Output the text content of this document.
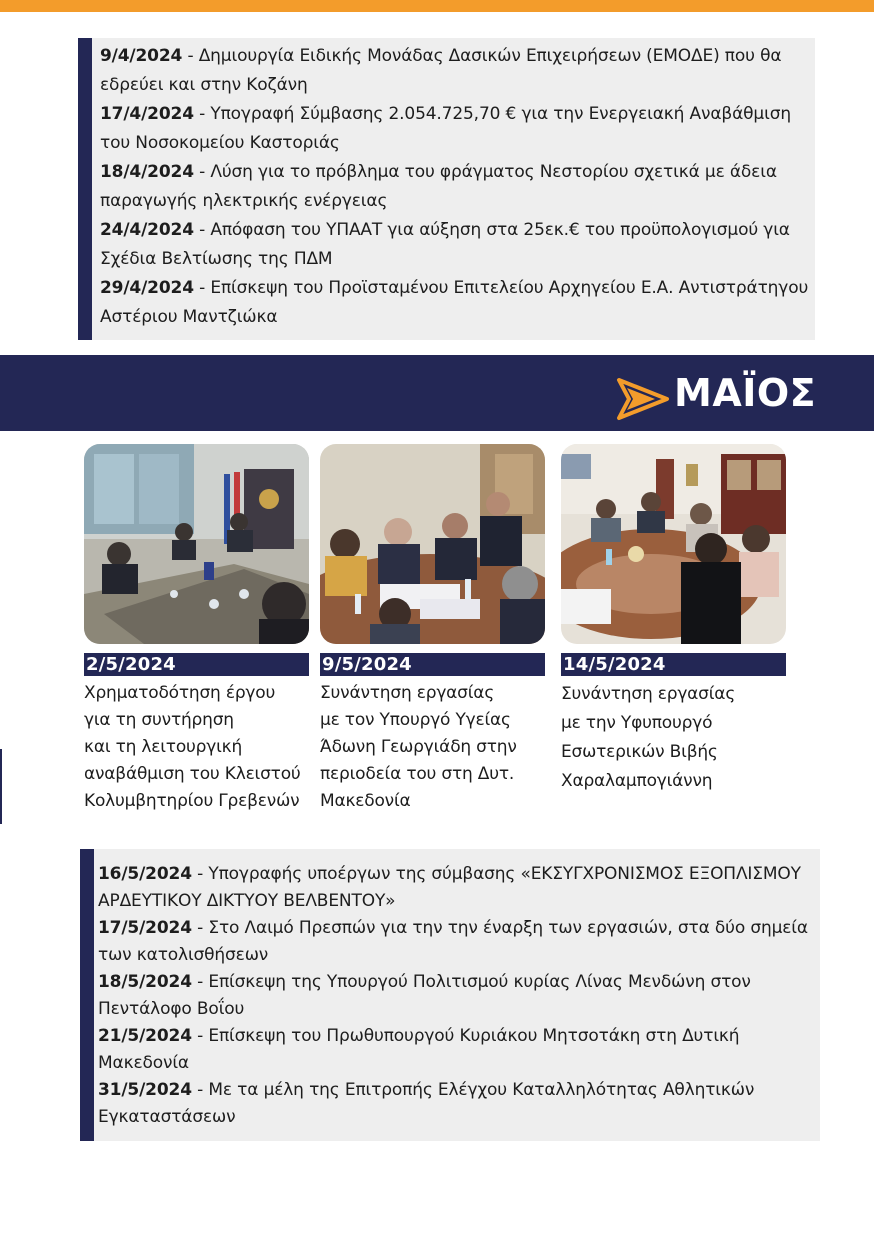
9/4/2024 - Δημιουργία Ειδικής Μονάδας Δασικών Επιχειρήσεων (ΕΜΟΔΕ) που θα εδρεύει και στην Κοζάνη

17/4/2024 - Υπογραφή Σύμβασης 2.054.725,70 € για την Ενεργειακή Αναβάθμιση του Νοσοκομείου Καστοριάς

18/4/2024 - Λύση για το πρόβλημα του φράγματος Νεστορίου σχετικά με άδεια παραγωγής ηλεκτρικής ενέργειας

24/4/2024 - Απόφαση του ΥΠΑΑΤ για αύξηση στα 25εκ.€ του προϋπολογισμού για Σχέδια Βελτίωσης της ΠΔΜ

29/4/2024 - Επίσκεψη του Προϊσταμένου Επιτελείου Αρχηγείου Ε.Α. Αντιστράτηγου Αστέριου Μαντζιώκα

ΜΑΪΟΣ
2/5/2024
Χρηματοδότηση έργου
για τη συντήρηση
και τη λειτουργική
αναβάθμιση του Κλειστού
Κολυμβητηρίου Γρεβενών
9/5/2024
Συνάντηση εργασίας
με τον Υπουργό Υγείας
Άδωνη Γεωργιάδη στην
περιοδεία του στη Δυτ.
Μακεδονία
14/5/2024
Συνάντηση εργασίας
με την Υφυπουργό
Εσωτερικών Βιβής
Χαραλαμπογιάννη

16/5/2024 - Υπογραφής υποέργων της σύμβασης «ΕΚΣΥΓΧΡΟΝΙΣΜΟΣ ΕΞΟΠΛΙΣΜΟΥ ΑΡΔΕΥΤΙΚΟΥ ΔΙΚΤΥΟΥ ΒΕΛΒΕΝΤΟΥ»

17/5/2024 - Στο Λαιμό Πρεσπών για την την έναρξη των εργασιών, στα δύο σημεία των κατολισθήσεων

18/5/2024 - Επίσκεψη της Υπουργού Πολιτισμού κυρίας Λίνας Μενδώνη στον Πεντάλοφο Βοΐου

21/5/2024 - Επίσκεψη του Πρωθυπουργού Κυριάκου Μητσοτάκη στη Δυτική Μακεδονία

31/5/2024 - Με τα μέλη της Επιτροπής Ελέγχου Καταλληλότητας Αθλητικών Εγκαταστάσεων
